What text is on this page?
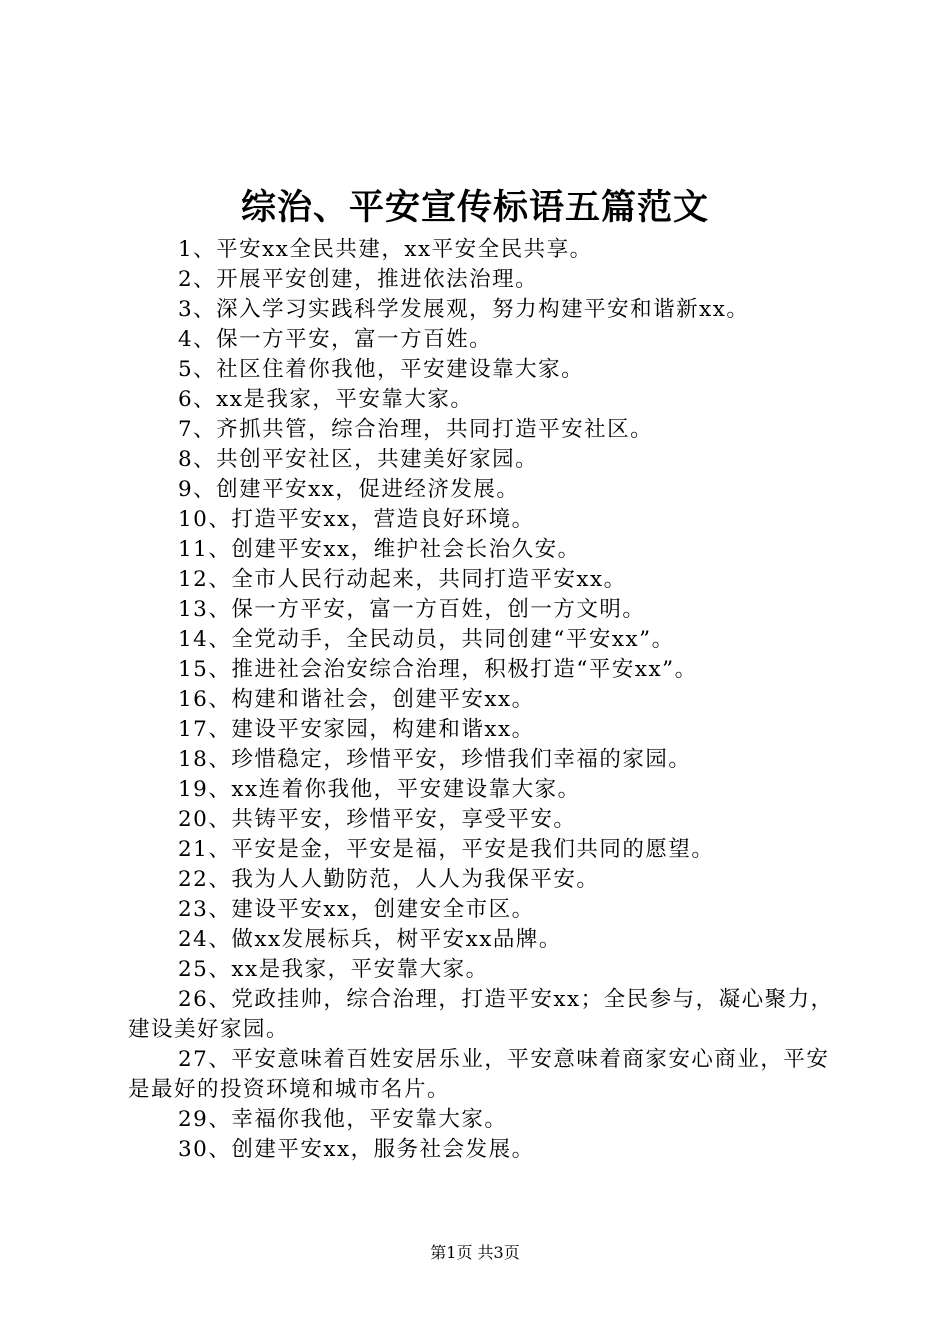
综治、平安宣传标语五篇范文

1、平安xx全民共建，xx平安全民共享。

2、开展平安创建，推进依法治理。

3、深入学习实践科学发展观，努力构建平安和谐新xx。

4、保一方平安，富一方百姓。

5、社区住着你我他，平安建设靠大家。

6、xx是我家，平安靠大家。

7、齐抓共管，综合治理，共同打造平安社区。

8、共创平安社区，共建美好家园。

9、创建平安xx，促进经济发展。

10、打造平安xx，营造良好环境。

11、创建平安xx，维护社会长治久安。

12、全市人民行动起来，共同打造平安xx。

13、保一方平安，富一方百姓，创一方文明。

14、全党动手，全民动员，共同创建“平安xx”。

15、推进社会治安综合治理，积极打造“平安xx”。

16、构建和谐社会，创建平安xx。

17、建设平安家园，构建和谐xx。

18、珍惜稳定，珍惜平安，珍惜我们幸福的家园。

19、xx连着你我他，平安建设靠大家。

20、共铸平安，珍惜平安，享受平安。

21、平安是金，平安是福，平安是我们共同的愿望。

22、我为人人勤防范，人人为我保平安。

23、建设平安xx，创建安全市区。

24、做xx发展标兵，树平安xx品牌。

25、xx是我家，平安靠大家。

26、党政挂帅，综合治理，打造平安xx；全民参与，凝心聚力，建设美好家园。

27、平安意味着百姓安居乐业，平安意味着商家安心商业，平安是最好的投资环境和城市名片。

29、幸福你我他，平安靠大家。

30、创建平安xx，服务社会发展。

第1页 共3页
